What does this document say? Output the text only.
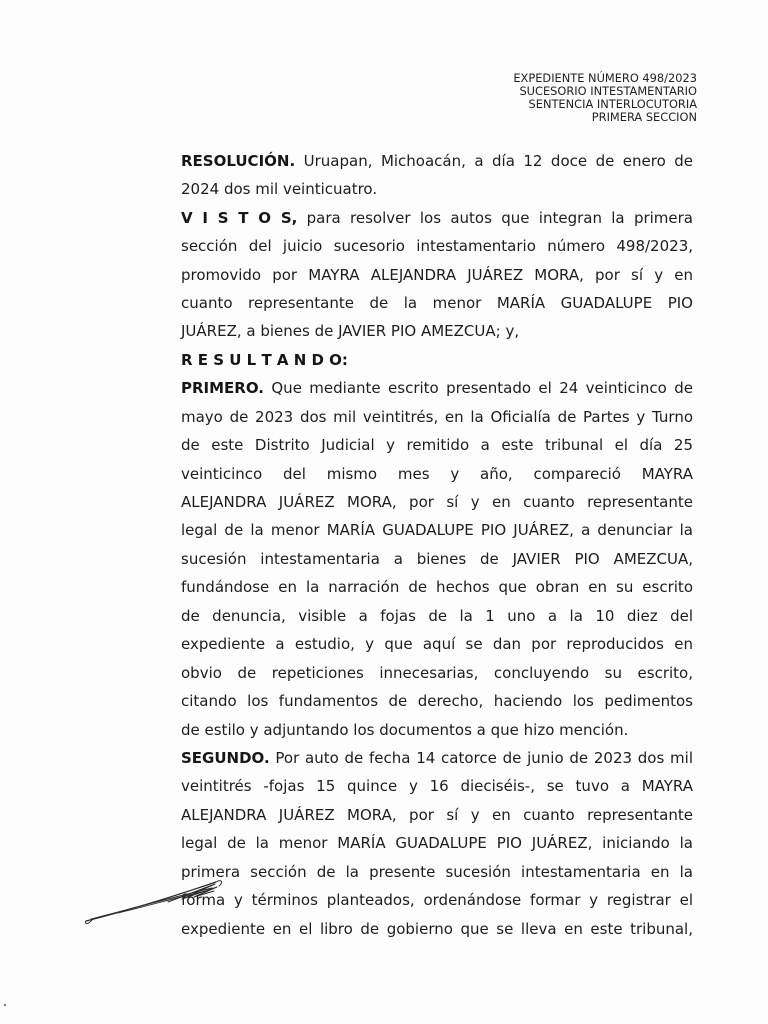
EXPEDIENTE NÚMERO 498/2023
SUCESORIO INTESTAMENTARIO
SENTENCIA INTERLOCUTORIA
PRIMERA SECCION
RESOLUCIÓN. Uruapan, Michoacán, a día 12 doce de enero de
2024 dos mil veinticuatro.
V I S T O S, para resolver los autos que integran la primera
sección del juicio sucesorio intestamentario número 498/2023,
promovido por MAYRA ALEJANDRA JUÁREZ MORA, por sí y en
cuanto representante de la menor MARÍA GUADALUPE PIO
JUÁREZ, a bienes de JAVIER PIO AMEZCUA; y,
R E S U L T A N D O:
PRIMERO. Que mediante escrito presentado el 24 veinticinco de
mayo de 2023 dos mil veintitrés, en la Oficialía de Partes y Turno
de este Distrito Judicial y remitido a este tribunal el día 25
veinticinco del mismo mes y año, compareció MAYRA
ALEJANDRA JUÁREZ MORA, por sí y en cuanto representante
legal de la menor MARÍA GUADALUPE PIO JUÁREZ, a denunciar la
sucesión intestamentaria a bienes de JAVIER PIO AMEZCUA,
fundándose en la narración de hechos que obran en su escrito
de denuncia, visible a fojas de la 1 uno a la 10 diez del
expediente a estudio, y que aquí se dan por reproducidos en
obvio de repeticiones innecesarias, concluyendo su escrito,
citando los fundamentos de derecho, haciendo los pedimentos
de estilo y adjuntando los documentos a que hizo mención.
SEGUNDO. Por auto de fecha 14 catorce de junio de 2023 dos mil
veintitrés -fojas 15 quince y 16 dieciséis-, se tuvo a MAYRA
ALEJANDRA JUÁREZ MORA, por sí y en cuanto representante
legal de la menor MARÍA GUADALUPE PIO JUÁREZ, iniciando la
primera sección de la presente sucesión intestamentaria en la
forma y términos planteados, ordenándose formar y registrar el
expediente en el libro de gobierno que se lleva en este tribunal,
